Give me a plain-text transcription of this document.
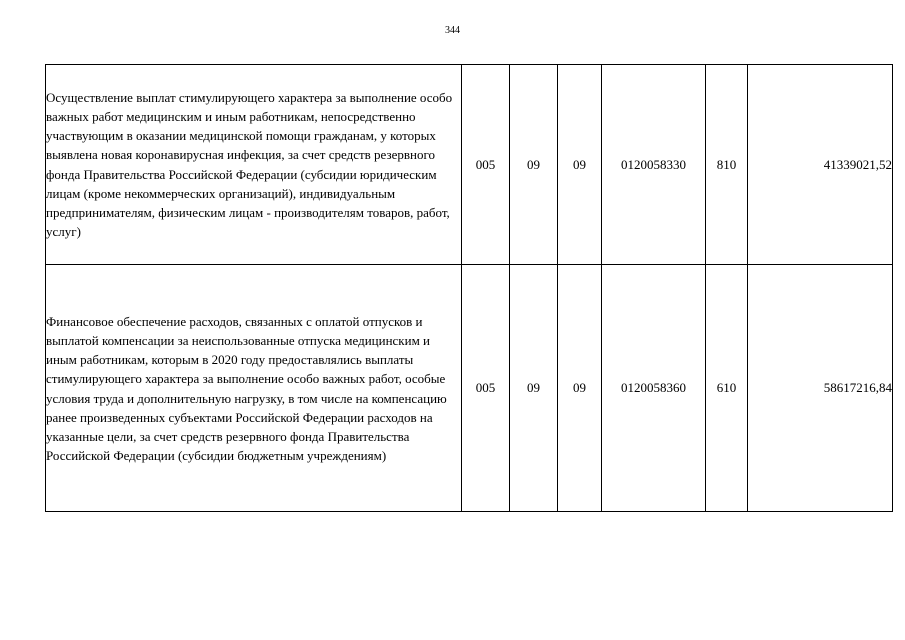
344
Осуществление выплат стимулирующего характера за выполнение особо важных работ медицинским и иным работникам, непосредственно участвующим в оказании медицинской помощи гражданам, у которых выявлена новая коронавирусная инфекция, за счет средств резервного фонда Правительства Российской Федерации (субсидии юридическим лицам (кроме некоммерческих организаций), индивидуальным предпринимателям, физическим лицам - производителям товаров, работ, услуг)	005	09	09	0120058330	810	41339021,52
Финансовое обеспечение расходов, связанных с оплатой отпусков и выплатой компенсации за неиспользованные отпуска медицинским и иным работникам, которым в 2020 году предоставлялись выплаты стимулирующего характера за выполнение особо важных работ, особые условия труда и дополнительную нагрузку, в том числе на компенсацию ранее произведенных субъектами Российской Федерации расходов на указанные цели, за счет средств резервного фонда Правительства Российской Федерации (субсидии бюджетным учреждениям)	005	09	09	0120058360	610	58617216,84
